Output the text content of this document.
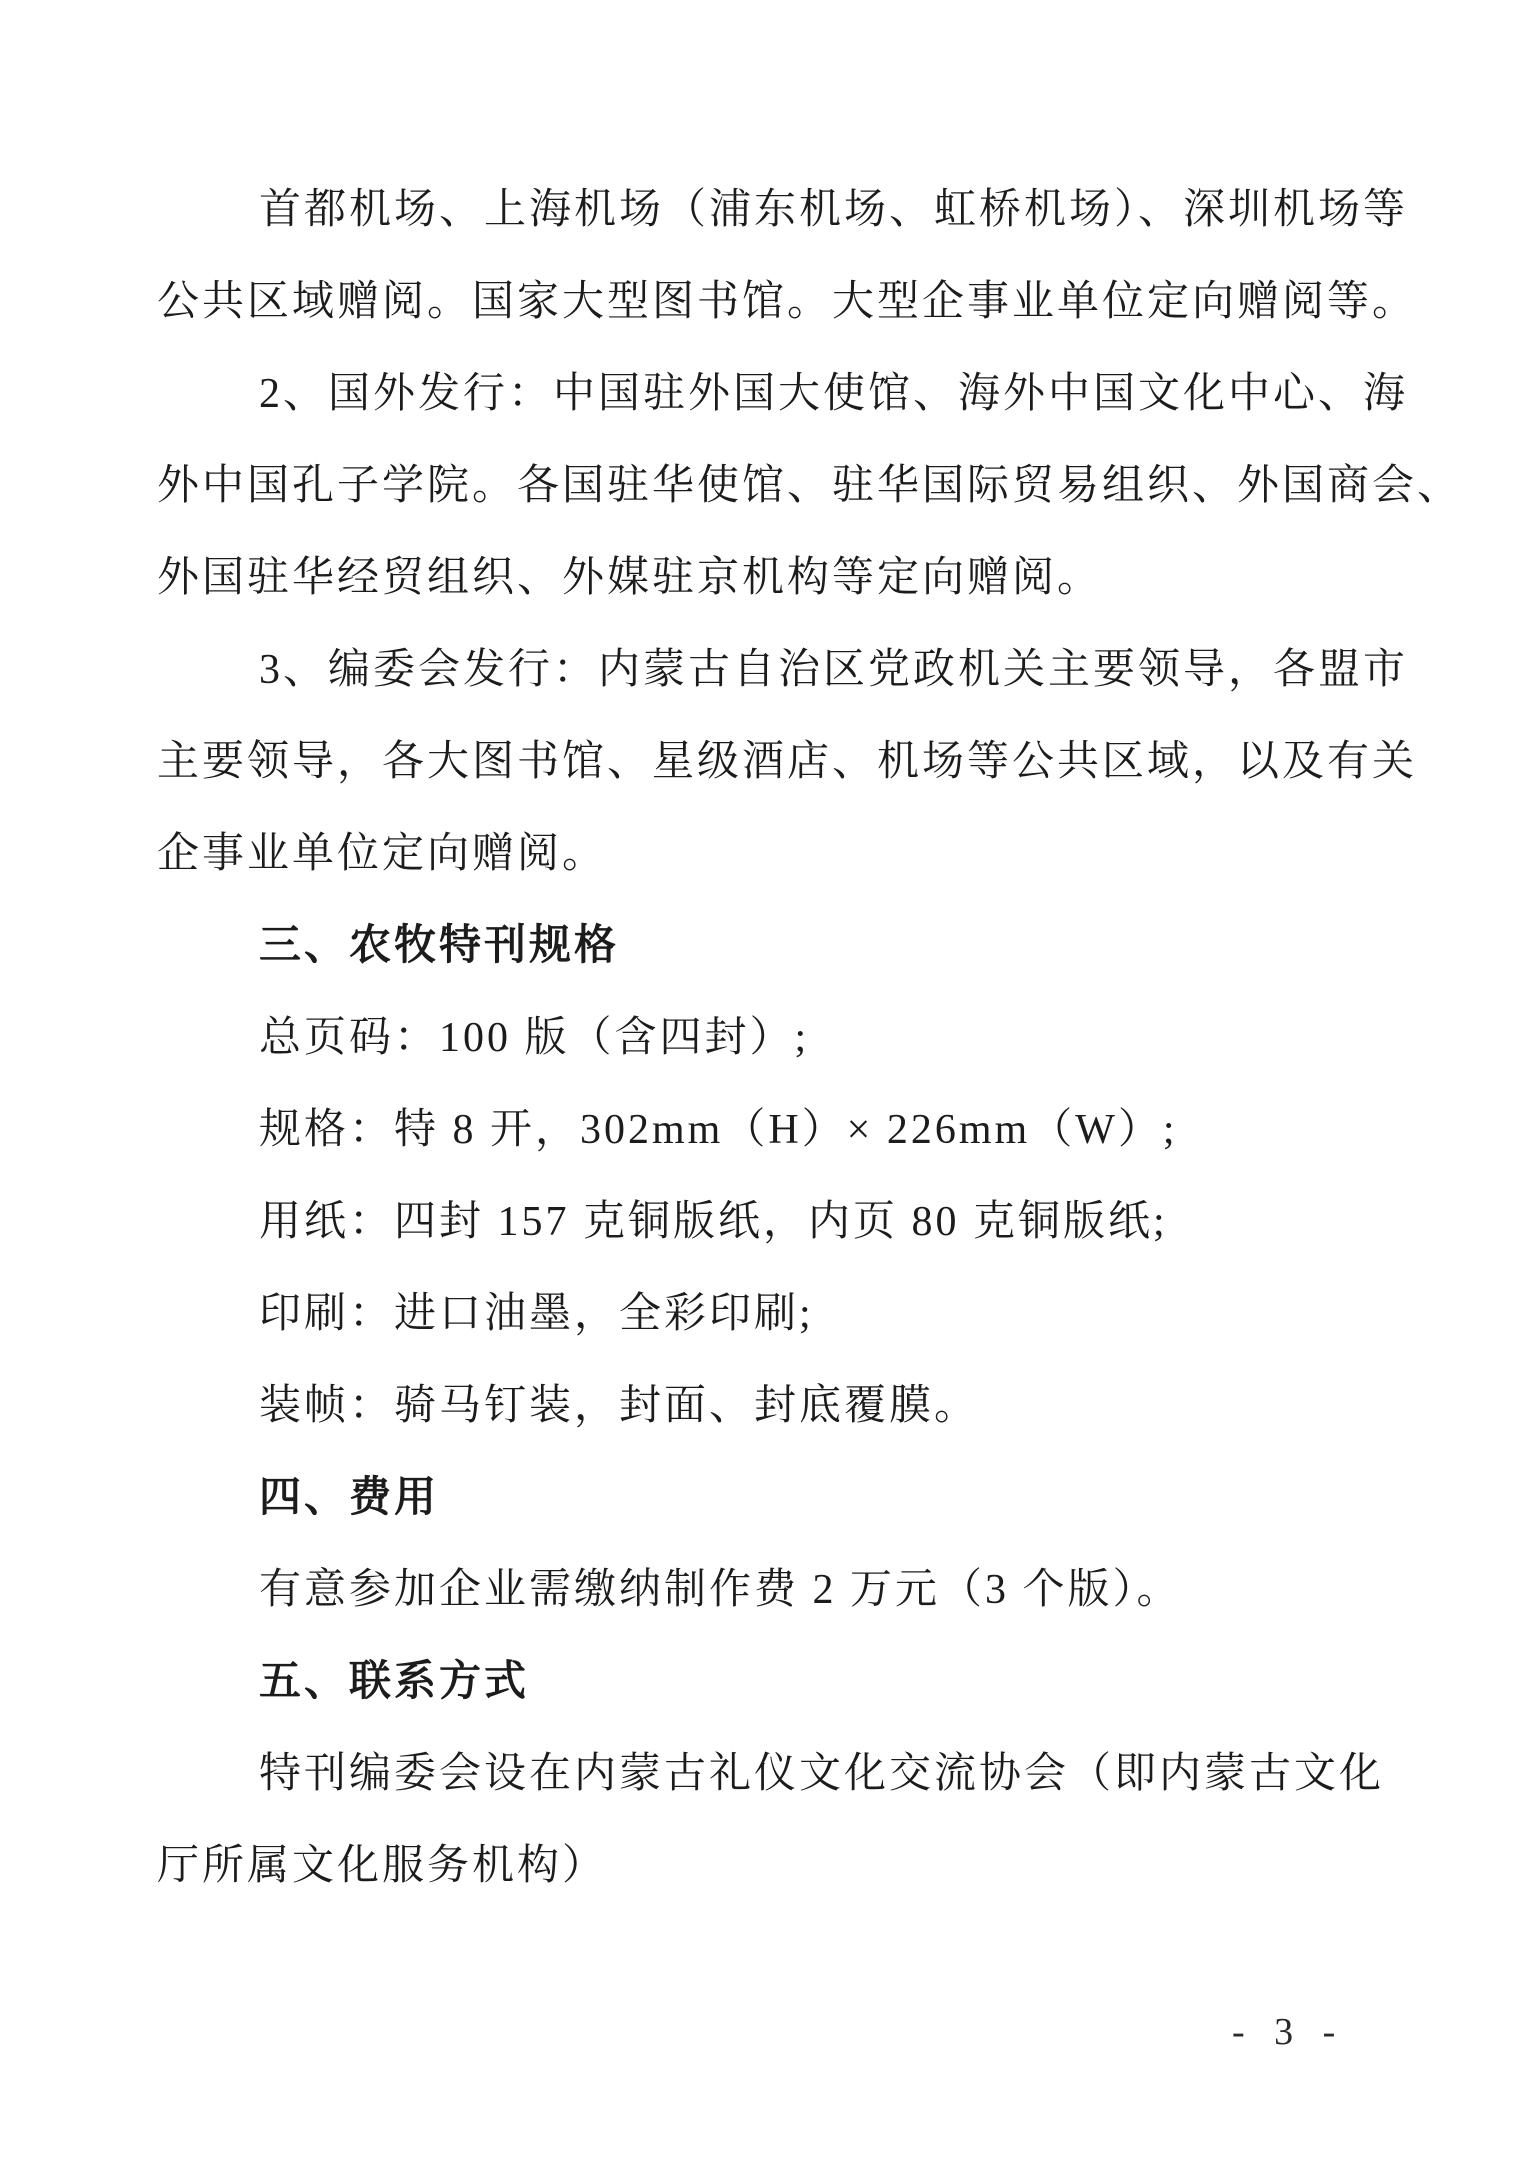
首都机场、上海机场（浦东机场、虹桥机场）、深圳机场等
公共区域赠阅。国家大型图书馆。大型企事业单位定向赠阅等。
2、国外发行：中国驻外国大使馆、海外中国文化中心、海
外中国孔子学院。各国驻华使馆、驻华国际贸易组织、外国商会、
外国驻华经贸组织、外媒驻京机构等定向赠阅。
3、编委会发行：内蒙古自治区党政机关主要领导，各盟市
主要领导，各大图书馆、星级酒店、机场等公共区域，以及有关
企事业单位定向赠阅。
三、农牧特刊规格
总页码：100 版（含四封）;
规格：特 8 开，302mm（H）× 226mm（W）;
用纸：四封 157 克铜版纸，内页 80 克铜版纸;
印刷：进口油墨，全彩印刷;
装帧：骑马钉装，封面、封底覆膜。
四、费用
有意参加企业需缴纳制作费 2 万元（3 个版）。
五、联系方式
特刊编委会设在内蒙古礼仪文化交流协会（即内蒙古文化
厅所属文化服务机构）
- 3 -
